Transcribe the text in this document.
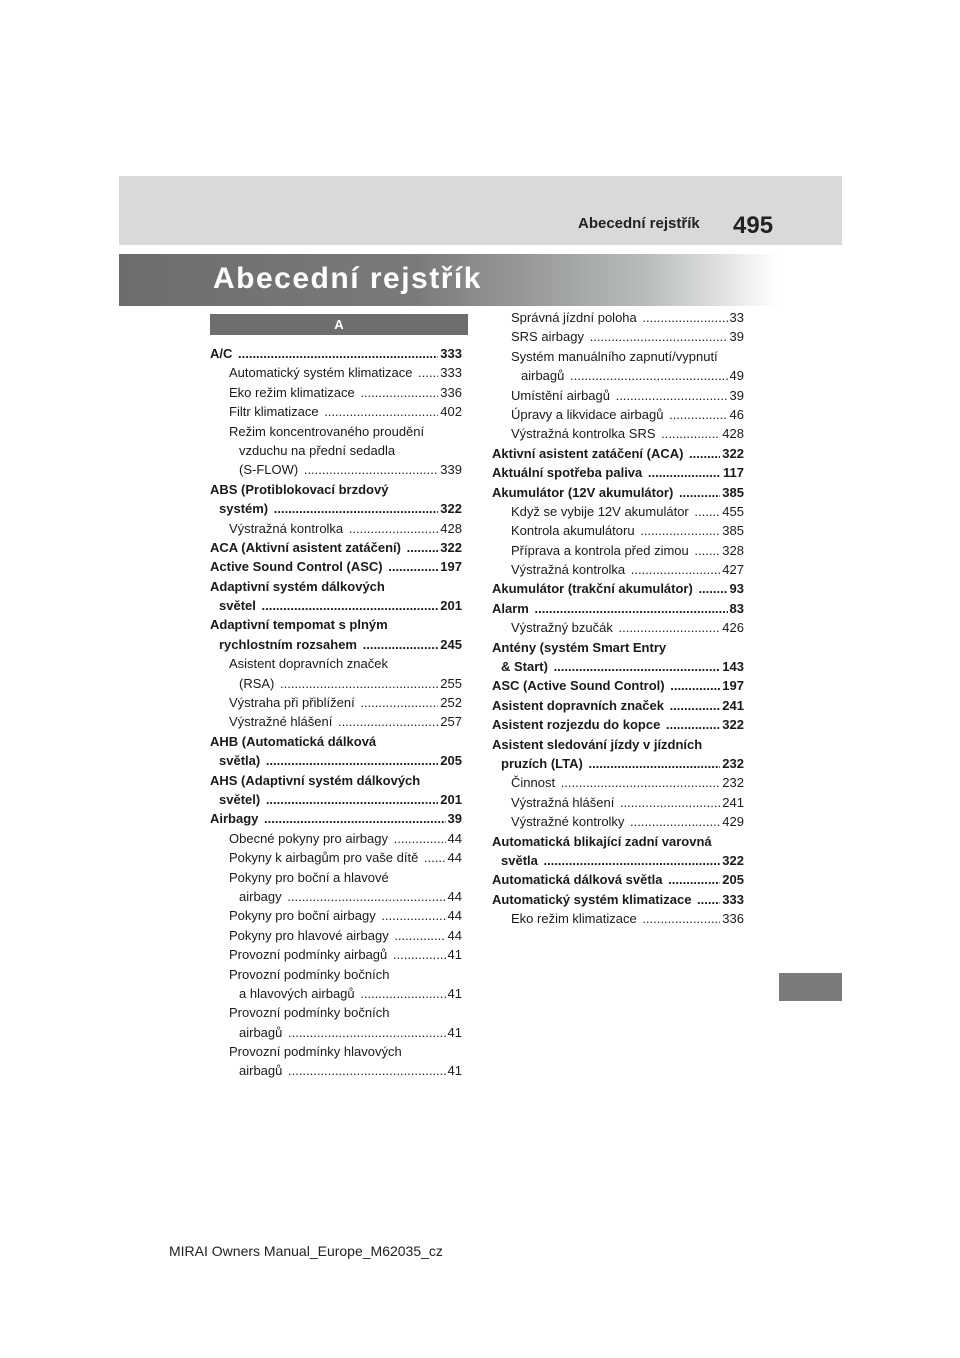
Abecední rejstřík 495
Abecední rejstřík
A
A/C .....	333
Automatický systém klimatizace .....	333
Eko režim klimatizace .....	336
Filtr klimatizace .....	402
Režim koncentrovaného proudění
vzduchu na přední sedadla
(S-FLOW) .....	339
ABS (Protiblokovací brzdový
systém) .....	322
Výstražná kontrolka .....	428
ACA (Aktivní asistent zatáčení) .....	322
Active Sound Control (ASC) .....	197
Adaptivní systém dálkových
světel .....	201
Adaptivní tempomat s plným
rychlostním rozsahem .....	245
Asistent dopravních značek
(RSA) .....	255
Výstraha při přiblížení .....	252
Výstražné hlášení .....	257
AHB (Automatická dálková
světla) .....	205
AHS (Adaptivní systém dálkových
světel) .....	201
Airbagy .....	39
Obecné pokyny pro airbagy .....	44
Pokyny k airbagům pro vaše dítě .....	44
Pokyny pro boční a hlavové
airbagy .....	44
Pokyny pro boční airbagy .....	44
Pokyny pro hlavové airbagy .....	44
Provozní podmínky airbagů .....	41
Provozní podmínky bočních
a hlavových airbagů .....	41
Provozní podmínky bočních
airbagů .....	41
Provozní podmínky hlavových
airbagů .....	41
Správná jízdní poloha .....	33
SRS airbagy .....	39
Systém manuálního zapnutí/vypnutí
airbagů .....	49
Umístění airbagů .....	39
Úpravy a likvidace airbagů .....	46
Výstražná kontrolka SRS .....	428
Aktivní asistent zatáčení (ACA) .....	322
Aktuální spotřeba paliva .....	117
Akumulátor (12V akumulátor) .....	385
Když se vybije 12V akumulátor .....	455
Kontrola akumulátoru .....	385
Příprava a kontrola před zimou .....	328
Výstražná kontrolka .....	427
Akumulátor (trakční akumulátor) .....	93
Alarm .....	83
Výstražný bzučák .....	426
Antény (systém Smart Entry
& Start) .....	143
ASC (Active Sound Control) .....	197
Asistent dopravních značek .....	241
Asistent rozjezdu do kopce .....	322
Asistent sledování jízdy v jízdních
pruzích (LTA) .....	232
Činnost .....	232
Výstražná hlášení .....	241
Výstražné kontrolky .....	429
Automatická blikající zadní varovná
světla .....	322
Automatická dálková světla .....	205
Automatický systém klimatizace .....	333
Eko režim klimatizace .....	336
MIRAI Owners Manual_Europe_M62035_cz
